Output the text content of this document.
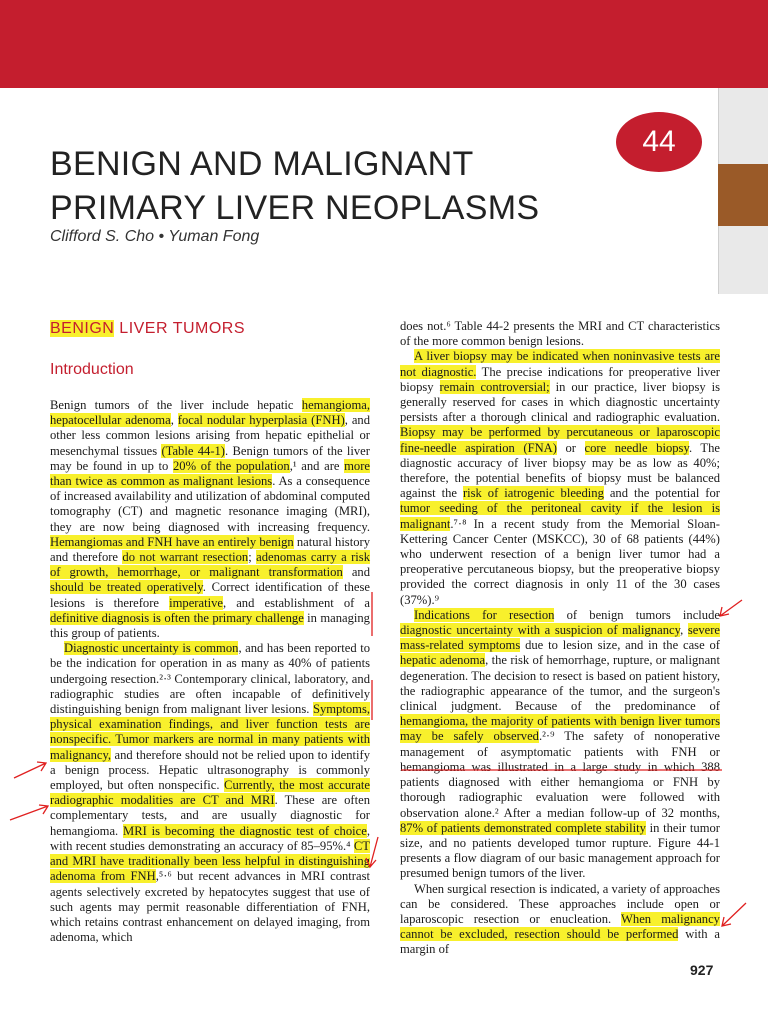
44
BENIGN AND MALIGNANT
PRIMARY LIVER NEOPLASMS
Clifford S. Cho • Yuman Fong
BENIGN LIVER TUMORS
Introduction

Benign tumors of the liver include hepatic hemangioma, hepatocellular adenoma, focal nodular hyperplasia (FNH), and other less common lesions arising from hepatic epithelial or mesenchymal tissues (Table 44-1). Benign tumors of the liver may be found in up to 20% of the population,¹ and are more than twice as common as malignant lesions. As a consequence of increased availability and utilization of abdominal computed tomography (CT) and magnetic resonance imaging (MRI), they are now being diagnosed with increasing frequency. Hemangiomas and FNH have an entirely benign natural history and therefore do not warrant resection; adenomas carry a risk of growth, hemorrhage, or malignant transformation and should be treated operatively. Correct identification of these lesions is therefore imperative, and establishment of a definitive diagnosis is often the primary challenge in managing this group of patients.

Diagnostic uncertainty is common, and has been reported to be the indication for operation in as many as 40% of patients undergoing resection.²·³ Contemporary clinical, laboratory, and radiographic studies are often incapable of definitively distinguishing benign from malignant liver lesions. Symptoms, physical examination findings, and liver function tests are nonspecific. Tumor markers are normal in many patients with malignancy, and therefore should not be relied upon to identify a benign process. Hepatic ultrasonography is commonly employed, but often nonspecific. Currently, the most accurate radiographic modalities are CT and MRI. These are often complementary tests, and are usually diagnostic for hemangioma. MRI is becoming the diagnostic test of choice, with recent studies demonstrating an accuracy of 85–95%.⁴ CT and MRI have traditionally been less helpful in distinguishing adenoma from FNH,⁵·⁶ but recent advances in MRI contrast agents selectively excreted by hepatocytes suggest that use of such agents may permit reasonable differentiation of FNH, which retains contrast enhancement on delayed imaging, from adenoma, which

does not.⁶ Table 44-2 presents the MRI and CT characteristics of the more common benign lesions.

A liver biopsy may be indicated when noninvasive tests are not diagnostic. The precise indications for preoperative liver biopsy remain controversial; in our practice, liver biopsy is generally reserved for cases in which diagnostic uncertainty persists after a thorough clinical and radiographic evaluation. Biopsy may be performed by percutaneous or laparoscopic fine-needle aspiration (FNA) or core needle biopsy. The diagnostic accuracy of liver biopsy may be as low as 40%; therefore, the potential benefits of biopsy must be balanced against the risk of iatrogenic bleeding and the potential for tumor seeding of the peritoneal cavity if the lesion is malignant.⁷·⁸ In a recent study from the Memorial Sloan-Kettering Cancer Center (MSKCC), 30 of 68 patients (44%) who underwent resection of a benign liver tumor had a preoperative percutaneous biopsy, but the preoperative biopsy provided the correct diagnosis in only 11 of the 30 cases (37%).⁹

Indications for resection of benign tumors include diagnostic uncertainty with a suspicion of malignancy, severe mass-related symptoms due to lesion size, and in the case of hepatic adenoma, the risk of hemorrhage, rupture, or malignant degeneration. The decision to resect is based on patient history, the radiographic appearance of the tumor, and the surgeon's clinical judgment. Because of the predominance of hemangioma, the majority of patients with benign liver tumors may be safely observed.²·⁹ The safety of nonoperative management of asymptomatic patients with FNH or hemangioma was illustrated in a large study in which 388 patients diagnosed with either hemangioma or FNH by thorough radiographic evaluation were followed with observation alone.² After a median follow-up of 32 months, 87% of patients demonstrated complete stability in their tumor size, and no patients developed tumor rupture. Figure 44-1 presents a flow diagram of our basic management approach for presumed benign tumors of the liver.

When surgical resection is indicated, a variety of approaches can be considered. These approaches include open or laparoscopic resection or enucleation. When malignancy cannot be excluded, resection should be performed with a margin of

927
